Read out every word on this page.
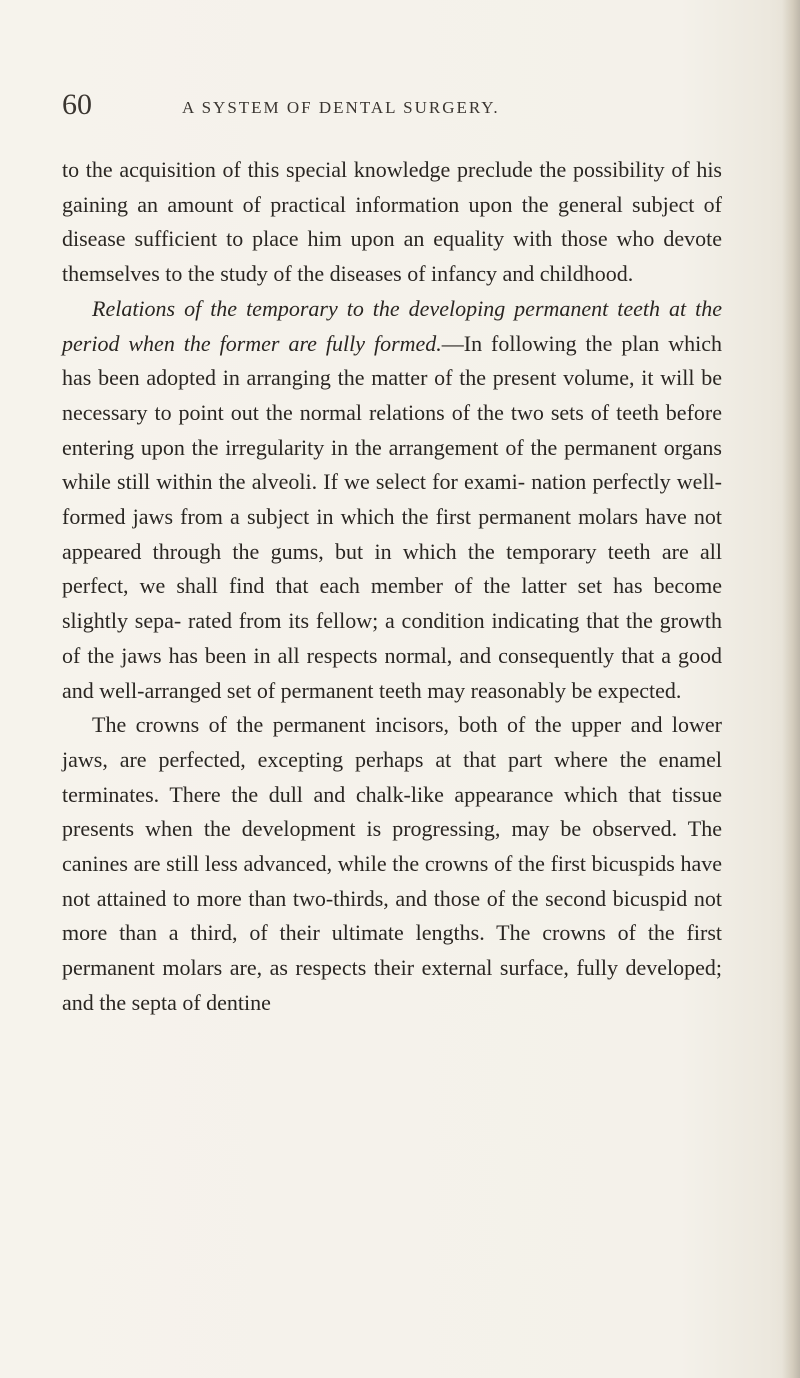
60	A SYSTEM OF DENTAL SURGERY.

to the acquisition of this special knowledge preclude the possibility of his gaining an amount of practical information upon the general subject of disease sufficient to place him upon an equality with those who devote themselves to the study of the diseases of infancy and childhood.

Relations of the temporary to the developing permanent teeth at the period when the former are fully formed.—In following the plan which has been adopted in arranging the matter of the present volume, it will be necessary to point out the normal relations of the two sets of teeth before entering upon the irregularity in the arrangement of the permanent organs while still within the alveoli. If we select for exami- nation perfectly well-formed jaws from a subject in which the first permanent molars have not appeared through the gums, but in which the temporary teeth are all perfect, we shall find that each member of the latter set has become slightly sepa- rated from its fellow; a condition indicating that the growth of the jaws has been in all respects normal, and consequently that a good and well-arranged set of permanent teeth may reasonably be expected.

The crowns of the permanent incisors, both of the upper and lower jaws, are perfected, excepting perhaps at that part where the enamel terminates. There the dull and chalk-like appearance which that tissue presents when the development is progressing, may be observed. The canines are still less advanced, while the crowns of the first bicuspids have not attained to more than two-thirds, and those of the second bicuspid not more than a third, of their ultimate lengths. The crowns of the first permanent molars are, as respects their external surface, fully developed; and the septa of dentine
